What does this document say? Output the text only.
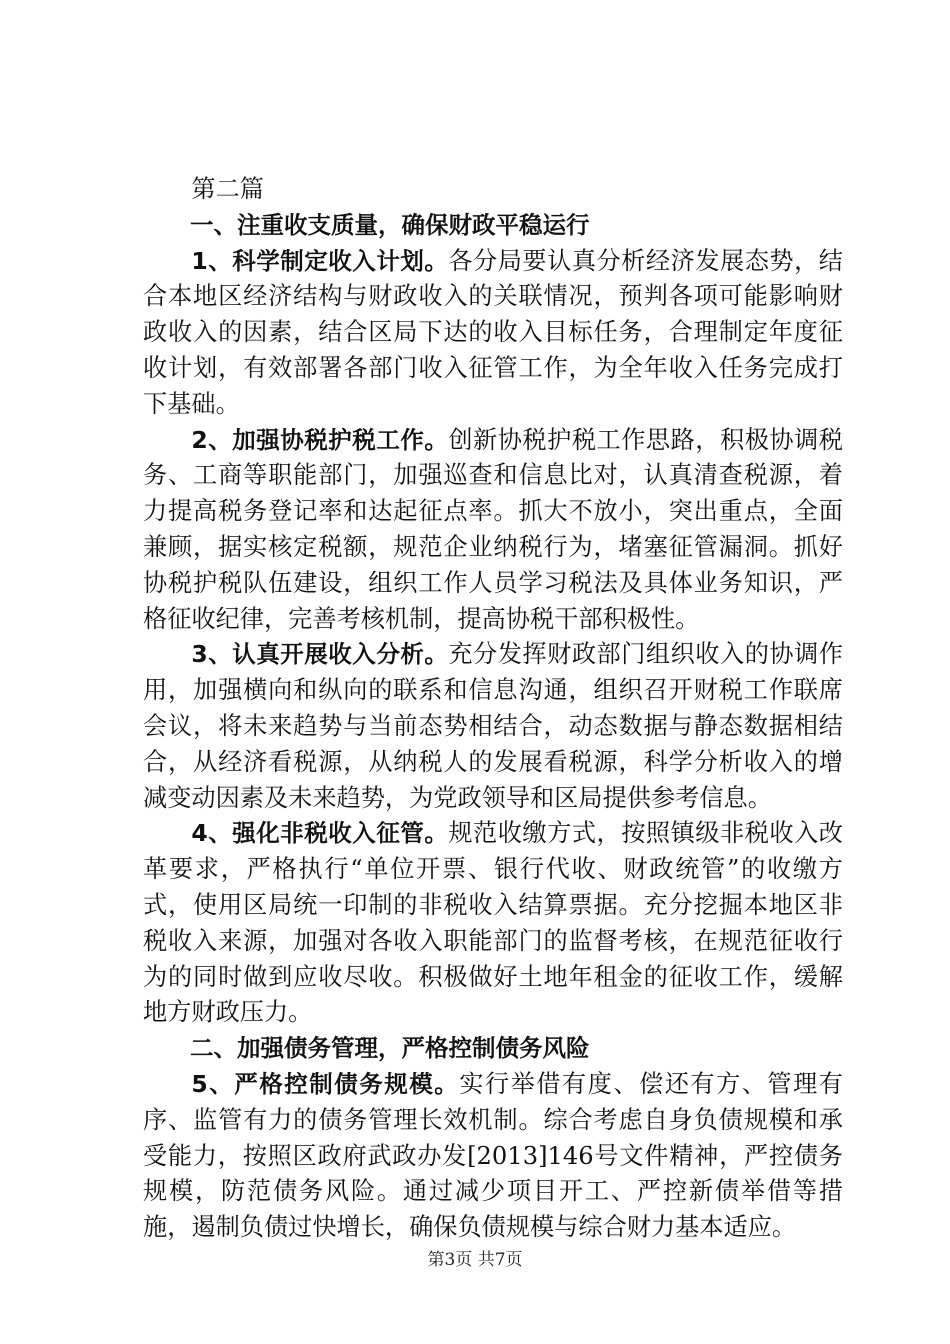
第二篇

一、注重收支质量，确保财政平稳运行

1、科学制定收入计划。各分局要认真分析经济发展态势，结合本地区经济结构与财政收入的关联情况，预判各项可能影响财政收入的因素，结合区局下达的收入目标任务，合理制定年度征收计划，有效部署各部门收入征管工作，为全年收入任务完成打下基础。

2、加强协税护税工作。创新协税护税工作思路，积极协调税务、工商等职能部门，加强巡查和信息比对，认真清查税源，着力提高税务登记率和达起征点率。抓大不放小，突出重点，全面兼顾，据实核定税额，规范企业纳税行为，堵塞征管漏洞。抓好协税护税队伍建设，组织工作人员学习税法及具体业务知识，严格征收纪律，完善考核机制，提高协税干部积极性。

3、认真开展收入分析。充分发挥财政部门组织收入的协调作用，加强横向和纵向的联系和信息沟通，组织召开财税工作联席会议，将未来趋势与当前态势相结合，动态数据与静态数据相结合，从经济看税源，从纳税人的发展看税源，科学分析收入的增减变动因素及未来趋势，为党政领导和区局提供参考信息。

4、强化非税收入征管。规范收缴方式，按照镇级非税收入改革要求，严格执行“单位开票、银行代收、财政统管”的收缴方式，使用区局统一印制的非税收入结算票据。充分挖掘本地区非税收入来源，加强对各收入职能部门的监督考核，在规范征收行为的同时做到应收尽收。积极做好土地年租金的征收工作，缓解地方财政压力。

二、加强债务管理，严格控制债务风险

5、严格控制债务规模。实行举借有度、偿还有方、管理有序、监管有力的债务管理长效机制。综合考虑自身负债规模和承受能力，按照区政府武政办发[2013]146号文件精神，严控债务规模，防范债务风险。通过减少项目开工、严控新债举借等措施，遏制负债过快增长，确保负债规模与综合财力基本适应。

第3页 共7页
